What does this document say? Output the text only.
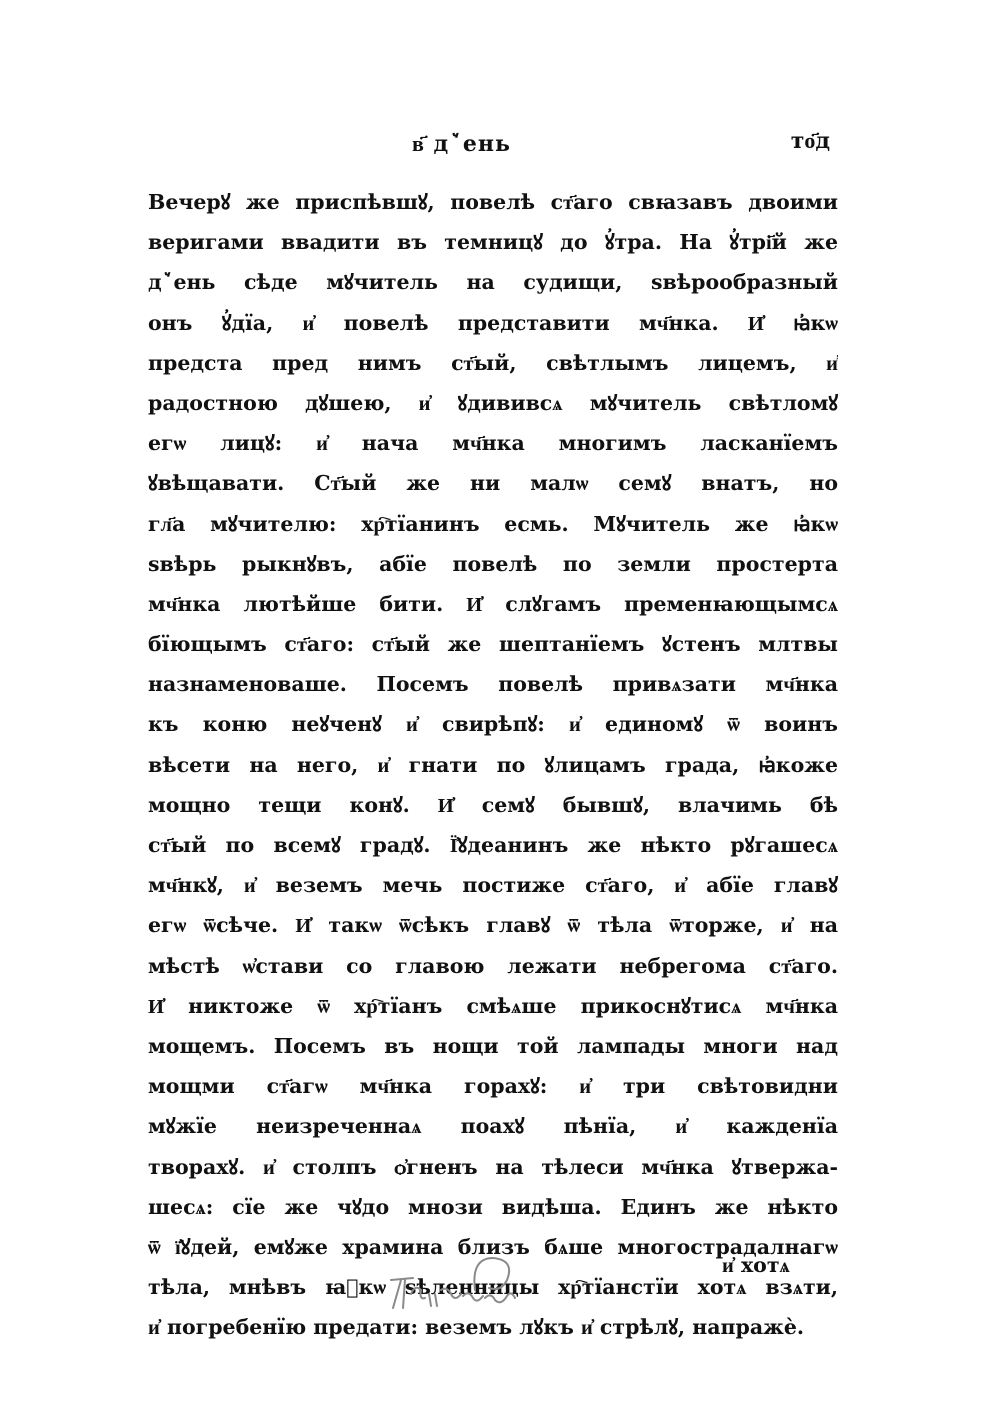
в҃ дꙿень	то҃д
Вечерꙋ же приспѣвшꙋ, повелѣ ст҃аго свꙗзавъ двоими
веригами ввадити въ темницꙋ до ꙋ҆тра. На ꙋ҆трі҃й же
дꙿень сѣде мꙋчитель на судищи, ѕвѣрообразный
онъ ꙋ҆дїа, и҆ повелѣ представити мч҃нка. И҆ ꙗ҆кѡ
предста пред нимъ ст҃ый, свѣтлымъ лицемъ, и҆
радостною дꙋшею, и҆ ꙋдививсѧ мꙋчитель свѣтломꙋ
егѡ лицꙋ: и҆ нача мч҃нка многимъ ласканїемъ
ꙋвѣщавати. Ст҃ый же ни малѡ семꙋ внатъ, но
гл҃а мꙋчителю: хр҇тїанинъ есмь. Мꙋчитель же ꙗ҆кѡ
ѕвѣрь рыкнꙋвъ, абїе повелѣ по земли простерта
мч҃нка лютѣйше бити. И҆ слꙋгамъ пременꙗющымсѧ
бїющымъ ст҃аго: ст҃ый же шептанїемъ ꙋстенъ млтвы
назнаменоваше. Посемъ повелѣ привѧзати мч҃нка
къ коню неꙋченꙋ и҆ свирѣпꙋ: и҆ единомꙋ ѿ воинъ
вѣсети на него, и҆ гнати по ꙋлицамъ града, ꙗ҆коже
мощно тещи конꙋ. И҆ семꙋ бывшꙋ, влачимь бѣ
ст҃ый по всемꙋ градꙋ. Ї҆ꙋдеанинъ же нѣкто рꙋгашесѧ
мч҃нкꙋ, и҆ веземъ мечь постиже ст҃аго, и҆ абїе главꙋ
егѡ ѿсѣче. И҆ такѡ ѿсѣкъ главꙋ ѿ тѣла ѿторже, и҆ на
мѣстѣ ѡ҆стави со главою лежати небрегома ст҃аго.
И҆ никтоже ѿ хр҇тїанъ смѣѧше прикоснꙋтисѧ мч҃нка
мощемъ. Посемъ въ нощи той лампады многи над
мощми ст҃агѡ мч҃нка горахꙋ: и҆ три свѣтовидни
мꙋжїе неизреченнаѧ поахꙋ пѣнїа, и҆ кажденїа
творахꙋ. и҆ столпъ ѻ҆гненъ на тѣлеси мч҃нка ꙋтвержа-
шесѧ: сїе же чꙋдо мнози видѣша. Единъ же нѣкто
ѿ ї҆ꙋдей, емꙋже храмина близъ бѧше многострадалнагѡ
тѣла, мнѣвъ ꙗ҆кѡ ѕѣленницы хр҇тїанстїи хотѧ взѧти,
и҆ погребенїю предати: веземъ лꙋкъ и҆ стрѣлꙋ, напражѐ.
и҆ хотѧ
